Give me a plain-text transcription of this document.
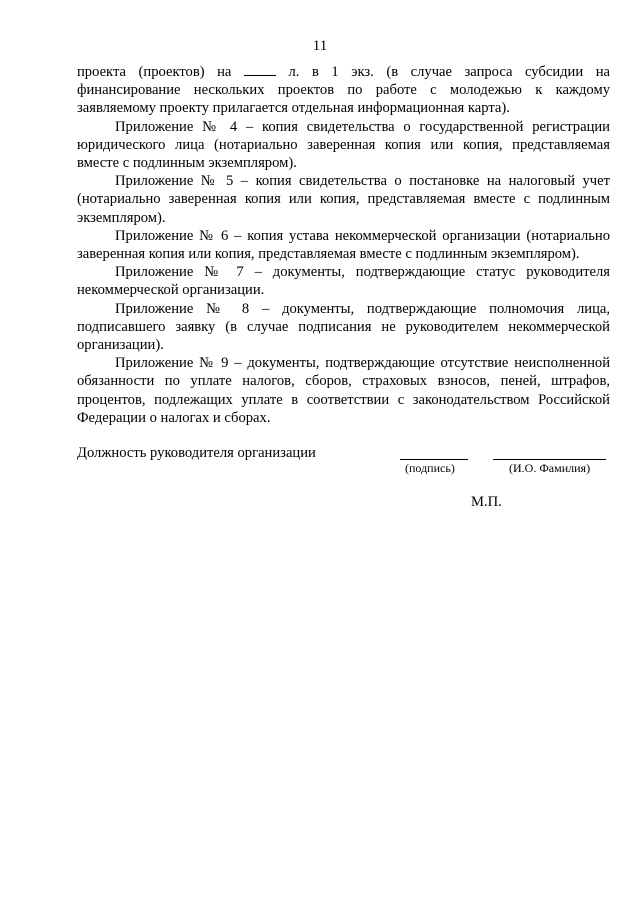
11

проекта (проектов) на  л. в 1 экз. (в случае запроса субсидии на финансирование нескольких проектов по работе с молодежью к каждому заявляемому проекту прилагается отдельная информационная карта).

Приложение № 4 – копия свидетельства о государственной регистрации юридического лица (нотариально заверенная копия или копия, представляемая вместе с подлинным экземпляром).

Приложение № 5 – копия свидетельства о постановке на налоговый учет (нотариально заверенная копия или копия, представляемая вместе с подлинным экземпляром).

Приложение № 6 – копия устава некоммерческой организации (нотариально заверенная копия или копия, представляемая вместе с подлинным экземпляром).

Приложение № 7 – документы, подтверждающие статус руководителя некоммерческой организации.

Приложение № 8 – документы, подтверждающие полномочия лица, подписавшего заявку (в случае подписания не руководителем некоммерческой организации).

Приложение № 9 – документы, подтверждающие отсутствие неисполненной обязанности по уплате налогов, сборов, страховых взносов, пеней, штрафов, процентов, подлежащих уплате в соответствии с законодательством Российской Федерации о налогах и сборах.

Должность руководителя организации
(подпись)	(И.О. Фамилия)
М.П.
